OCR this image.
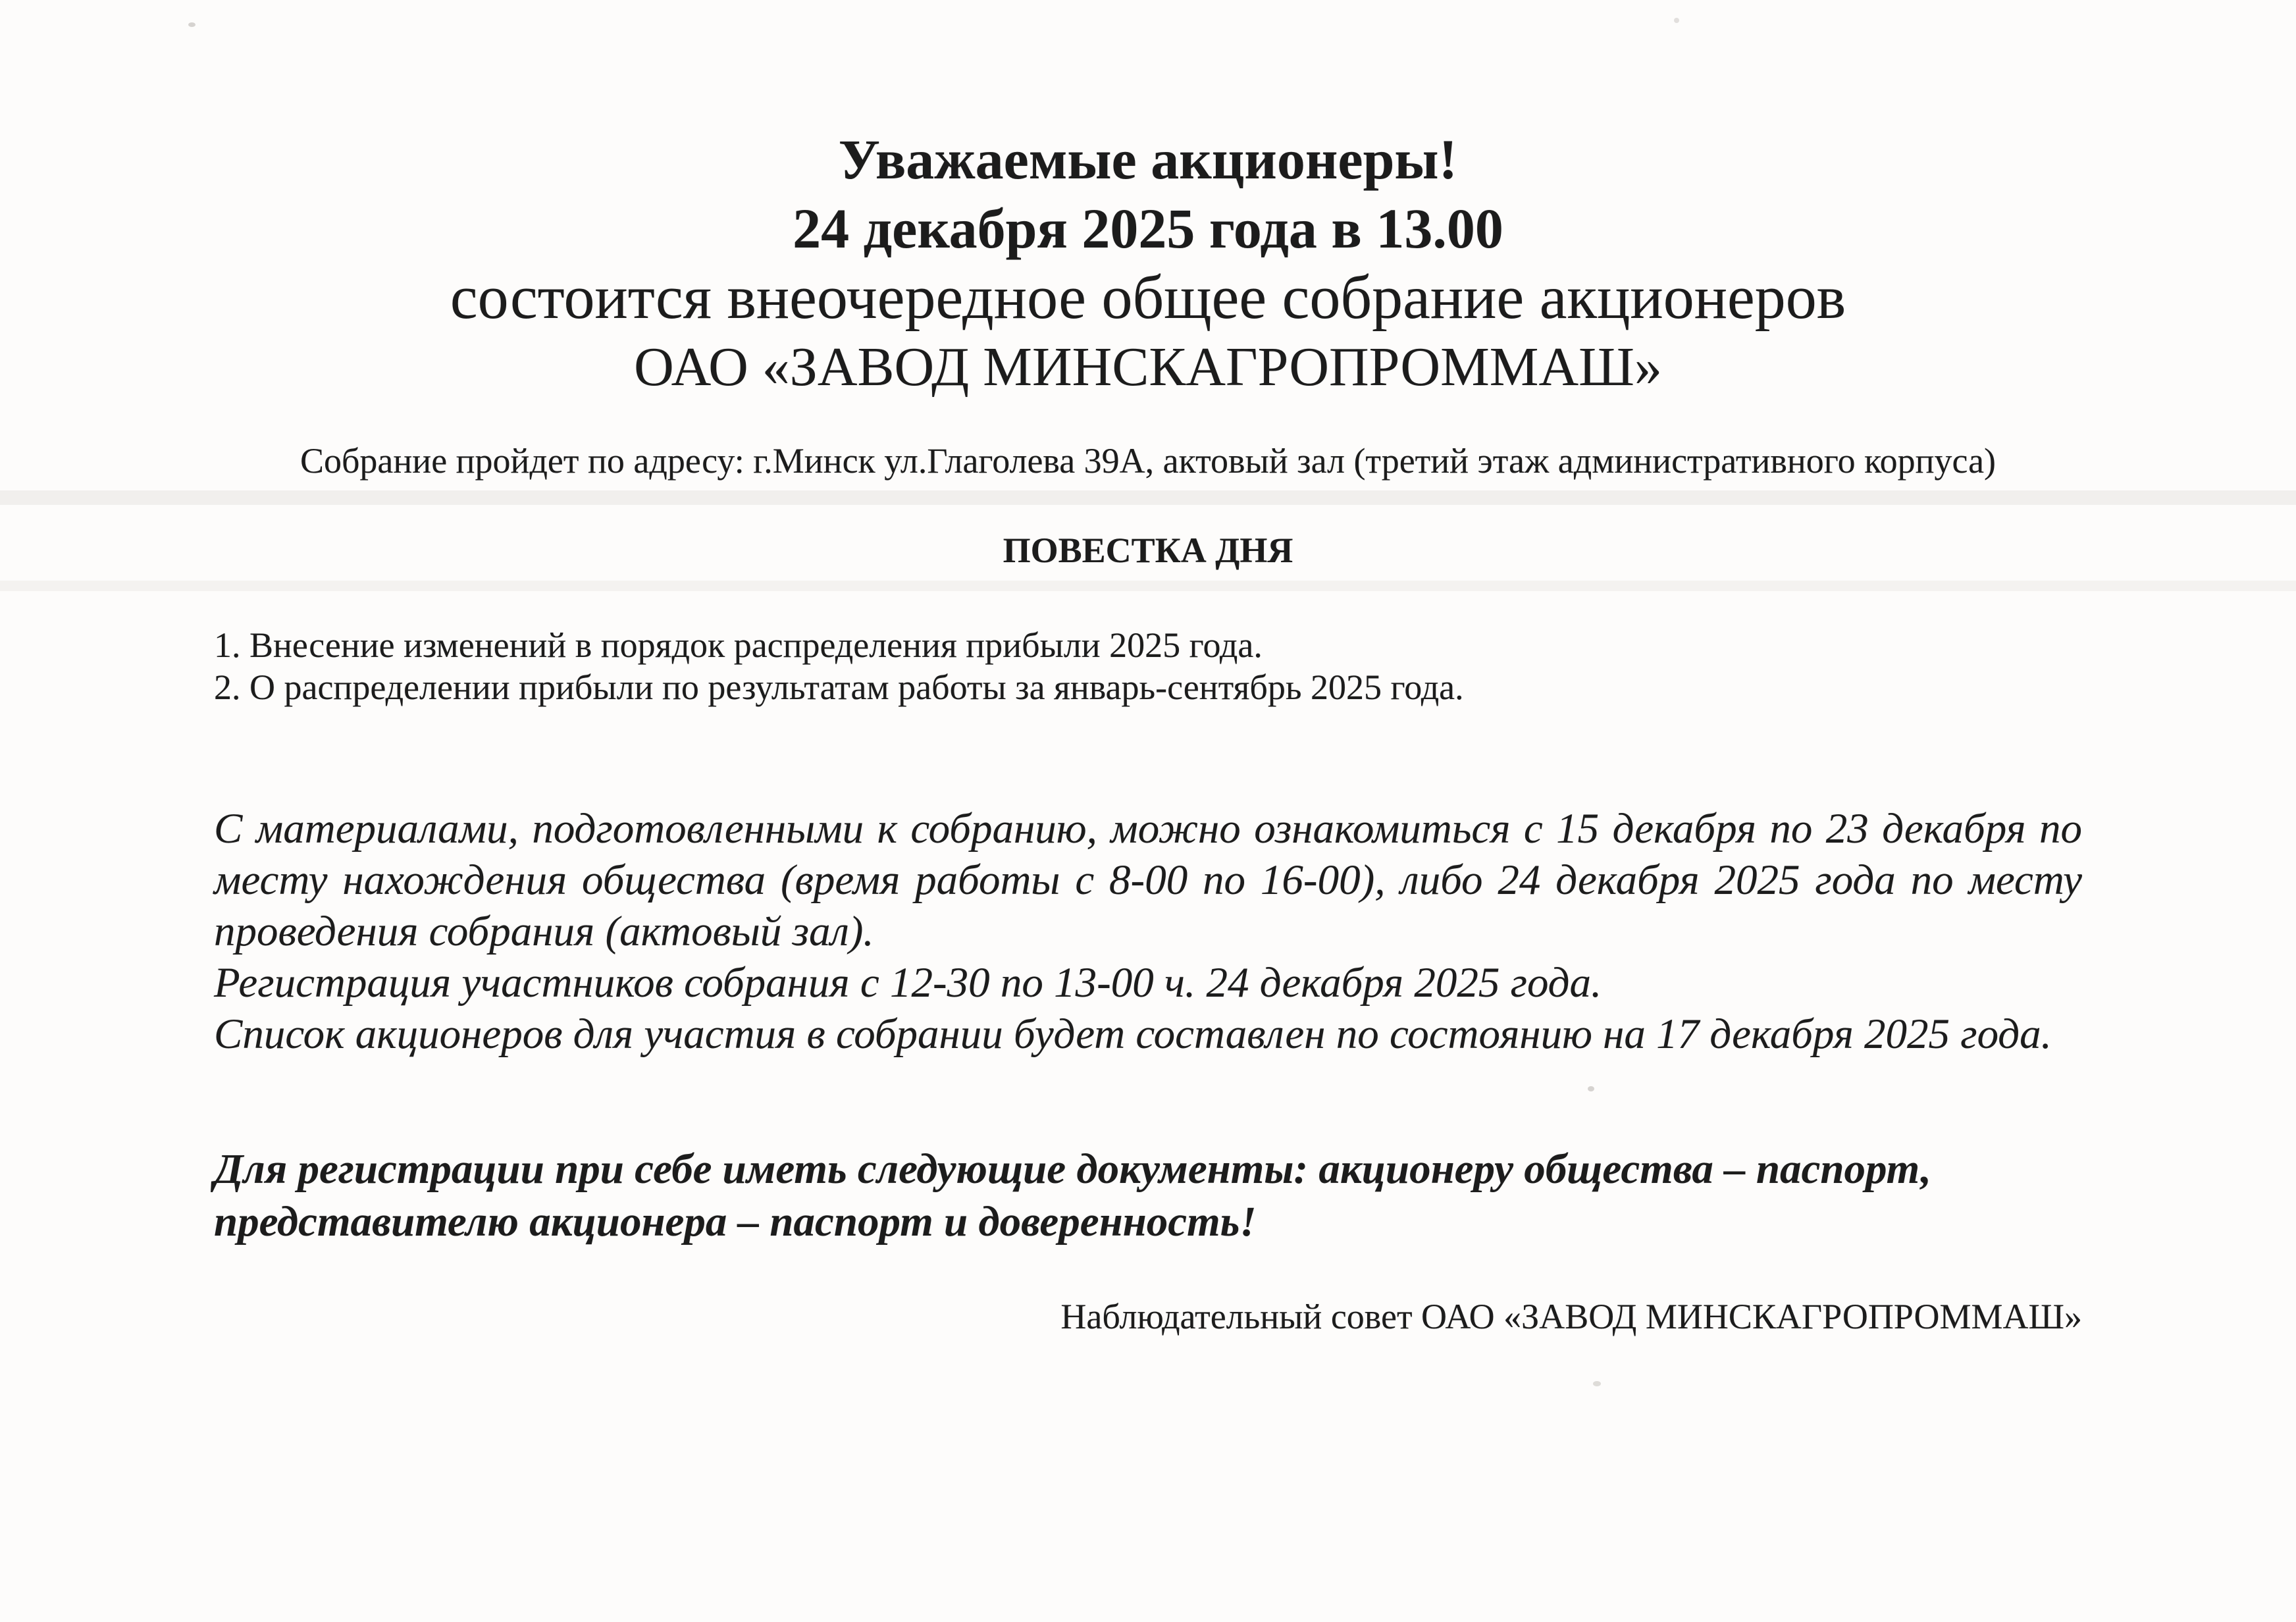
Уважаемые акционеры!
24 декабря 2025 года в 13.00
состоится внеочередное общее собрание акционеров
ОАО «ЗАВОД МИНСКАГРОПРОММАШ»
Собрание пройдет по адресу: г.Минск ул.Глаголева 39А, актовый зал (третий этаж административного корпуса)
ПОВЕСТКА ДНЯ

1. Внесение изменений в порядок распределения прибыли 2025 года.

2. О распределении прибыли по результатам работы за январь-сентябрь 2025 года.

С материалами, подготовленными к собранию, можно ознакомиться с 15 декабря по 23 декабря по месту нахождения общества (время работы с 8-00 по 16-00), либо 24 декабря 2025 года по месту проведения собрания (актовый зал).

Регистрация участников собрания с 12-30 по 13-00 ч. 24 декабря 2025 года.

Список акционеров для участия в собрании будет составлен по состоянию на 17 декабря 2025 года.

Для регистрации при себе иметь следующие документы: акционеру общества – паспорт, представителю акционера – паспорт и доверенность!

Наблюдательный совет ОАО «ЗАВОД МИНСКАГРОПРОММАШ»
